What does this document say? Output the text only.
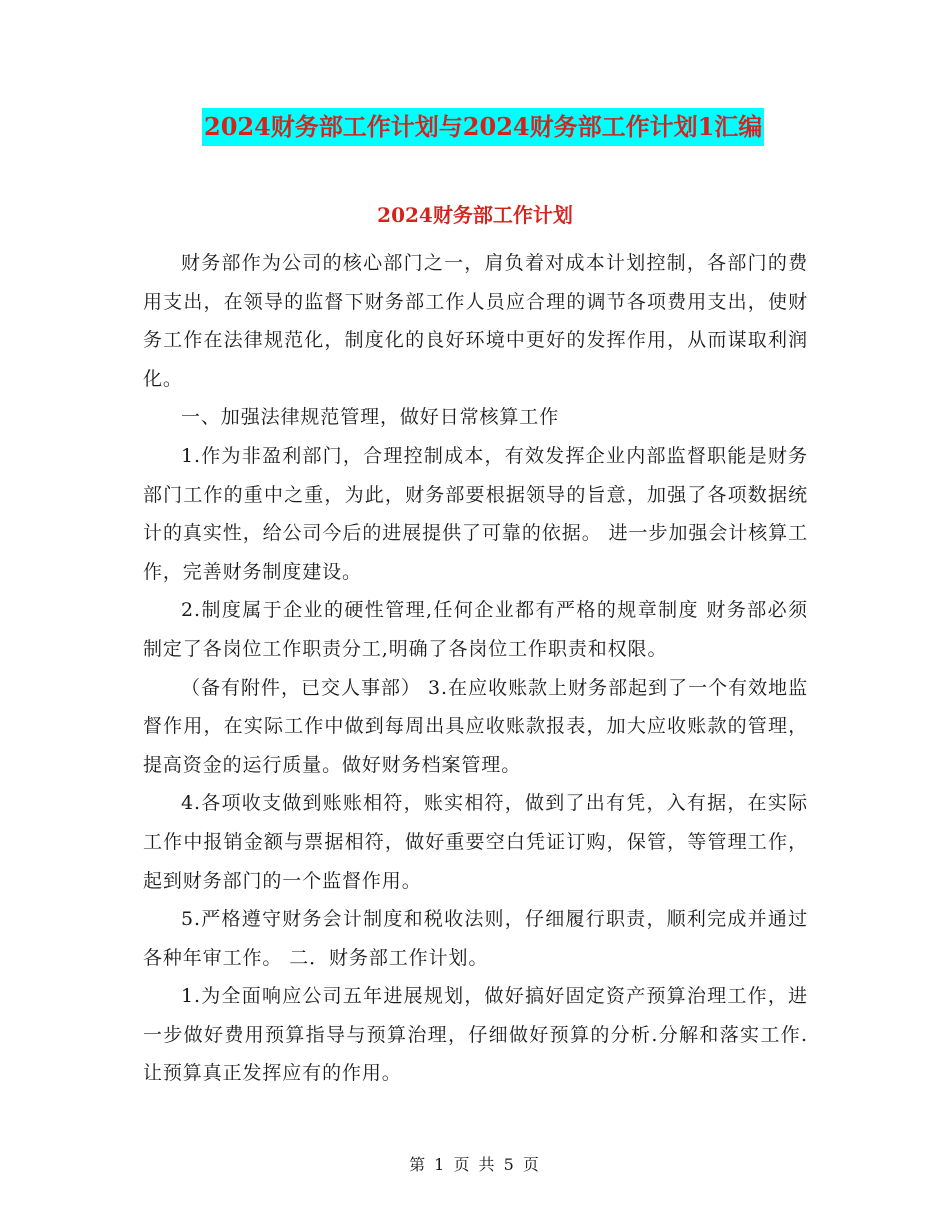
2024财务部工作计划与2024财务部工作计划1汇编
2024财务部工作计划

财务部作为公司的核心部门之一，肩负着对成本计划控制，各部门的费用支出，在领导的监督下财务部工作人员应合理的调节各项费用支出，使财务工作在法律规范化，制度化的良好环境中更好的发挥作用，从而谋取利润化。

一、加强法律规范管理，做好日常核算工作

1.作为非盈利部门，合理控制成本，有效发挥企业内部监督职能是财务部门工作的重中之重，为此，财务部要根据领导的旨意，加强了各项数据统计的真实性，给公司今后的进展提供了可靠的依据。 进一步加强会计核算工作，完善财务制度建设。

2.制度属于企业的硬性管理,任何企业都有严格的规章制度 财务部必须制定了各岗位工作职责分工,明确了各岗位工作职责和权限。

（备有附件，已交人事部） 3.在应收账款上财务部起到了一个有效地监督作用，在实际工作中做到每周出具应收账款报表，加大应收账款的管理，提高资金的运行质量。做好财务档案管理。

4.各项收支做到账账相符，账实相符，做到了出有凭，入有据，在实际工作中报销金额与票据相符，做好重要空白凭证订购，保管，等管理工作，起到财务部门的一个监督作用。

5.严格遵守财务会计制度和税收法则，仔细履行职责，顺利完成并通过各种年审工作。 二．财务部工作计划。

1.为全面响应公司五年进展规划，做好搞好固定资产预算治理工作，进一步做好费用预算指导与预算治理，仔细做好预算的分析.分解和落实工作.让预算真正发挥应有的作用。

第 1 页 共 5 页
